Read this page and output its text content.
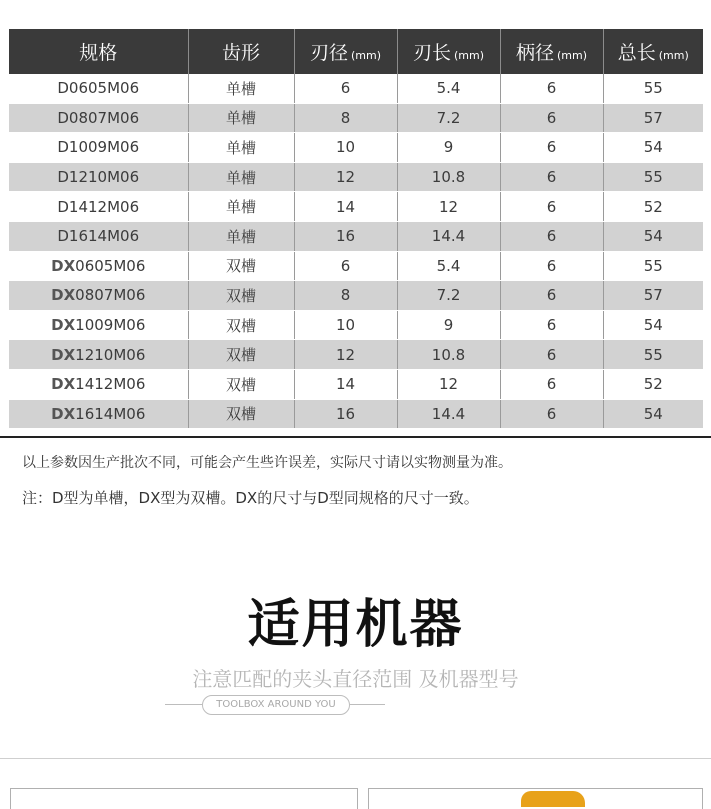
规格	齿形	刃径 (mm)	刃长 (mm)	柄径 (mm)	总长 (mm)
D0605M06	单槽	6	5.4	6	55
D0807M06	单槽	8	7.2	6	57
D1009M06	单槽	10	9	6	54
D1210M06	单槽	12	10.8	6	55
D1412M06	单槽	14	12	6	52
D1614M06	单槽	16	14.4	6	54
DX0605M06	双槽	6	5.4	6	55
DX0807M06	双槽	8	7.2	6	57
DX1009M06	双槽	10	9	6	54
DX1210M06	双槽	12	10.8	6	55
DX1412M06	双槽	14	12	6	52
DX1614M06	双槽	16	14.4	6	54
以上参数因生产批次不同，可能会产生些许误差，实际尺寸请以实物测量为准。
注：D型为单槽，DX型为双槽。DX的尺寸与D型同规格的尺寸一致。
适用机器
注意匹配的夹头直径范围 及机器型号
TOOLBOX AROUND YOU
